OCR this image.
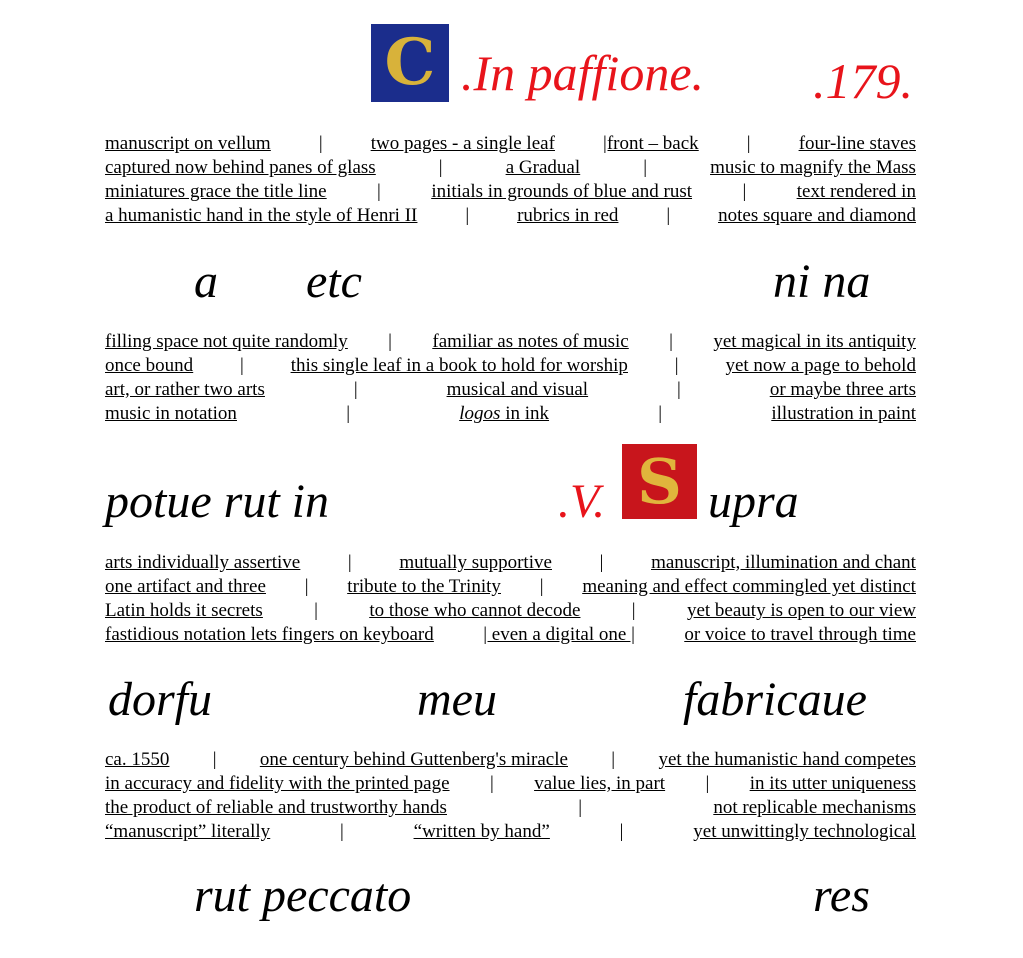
C .In paffione. .179.
manuscript on vellum	|	two pages - a single leaf	|front – back	|	four-line staves
captured now behind panes of glass	|	a Gradual	|	music to magnify the Mass
miniatures grace the title line	|	initials in grounds of blue and rust	|	text rendered in
a humanistic hand in the style of Henri II	|	rubrics in red	|	notes square and diamond
filling space not quite randomly | familiar as notes of music | yet magical in its antiquity
once bound | this single leaf in a book to hold for worship | yet now a page to behold
art, or rather two arts	|	musical and visual	|	or maybe three arts
music in notation	|	logos in ink	|	illustration in paint
arts individually assertive	|	mutually supportive	|	manuscript, illumination and chant
one artifact and three | tribute to the Trinity | meaning and effect commingled yet distinct
Latin holds it secrets	|	to those who cannot decode	|	yet beauty is open to our view
fastidious notation lets fingers on keyboard	| even a digital one |	or voice to travel through time
ca. 1550 | one century behind Guttenberg's miracle | yet the humanistic hand competes
in accuracy and fidelity with the printed page | value lies, in part | in its utter uniqueness
the product of reliable and trustworthy hands	|	not replicable mechanisms
“manuscript” literally	|	“written by hand”	|	yet unwittingly technological
a etc	ni na
potue rut in	.V. S upra
dorfu	meu	fabricaue
rut peccato	res
